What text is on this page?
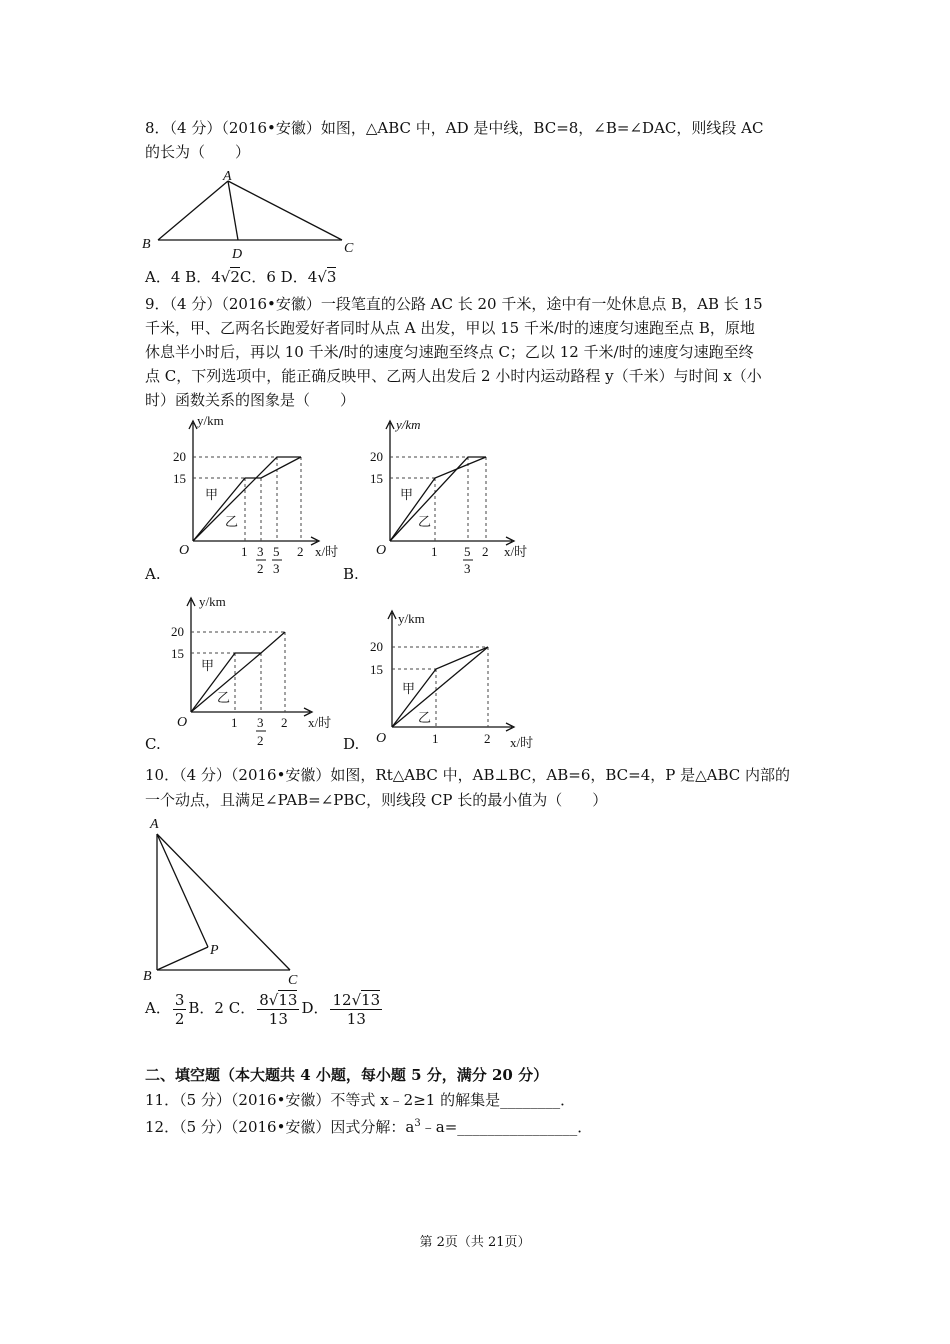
8．（4 分）（2016•安徽）如图，△ABC 中，AD 是中线，BC=8，∠B=∠DAC，则线段 AC
的长为（　　）
A
B	C
D
A．4 B．4√2C．6 D．4√3
9．（4 分）（2016•安徽）一段笔直的公路 AC 长 20 千米，途中有一处休息点 B，AB 长 15
千米，甲、乙两名长跑爱好者同时从点 A 出发，甲以 15 千米/时的速度匀速跑至点 B，原地
休息半小时后，再以 10 千米/时的速度匀速跑至终点 C；乙以 12 千米/时的速度匀速跑至终
点 C，下列选项中，能正确反映甲、乙两人出发后 2 小时内运动路程 y（千米）与时间 x（小
时）函数关系的图象是（　　）
y/km
20
15
甲
乙
O	1 3
2
5
3
2 x/时
A.
y/km
20
15
甲
乙
O	1 5
3
2 x/时
B.
y/km
20
15
甲
乙
O	1 3
2
2 x/时
C.
y/km
20
15
甲
乙
O	1	2 x/时
D.
10．（4 分）（2016•安徽）如图，Rt△ABC 中，AB⊥BC，AB=6，BC=4，P 是△ABC 内部的
一个动点，且满足∠PAB=∠PBC，则线段 CP 长的最小值为（　　）
A
B	C
P
A． $\frac{3}{2}$ B．2 C． $\frac{8√13}{13}$ D． $\frac{12√13}{13}$
二、填空题（本大题共 4 小题，每小题 5 分，满分 20 分）
11．（5 分）（2016•安徽）不等式 x﹣2≥1 的解集是________．
12．（5 分）（2016•安徽）因式分解：$a^3﹣a=\_\_\_\_\_\_\_\_\_\_\_\_\_\_\_\_$．
第 2页（共 21页）
